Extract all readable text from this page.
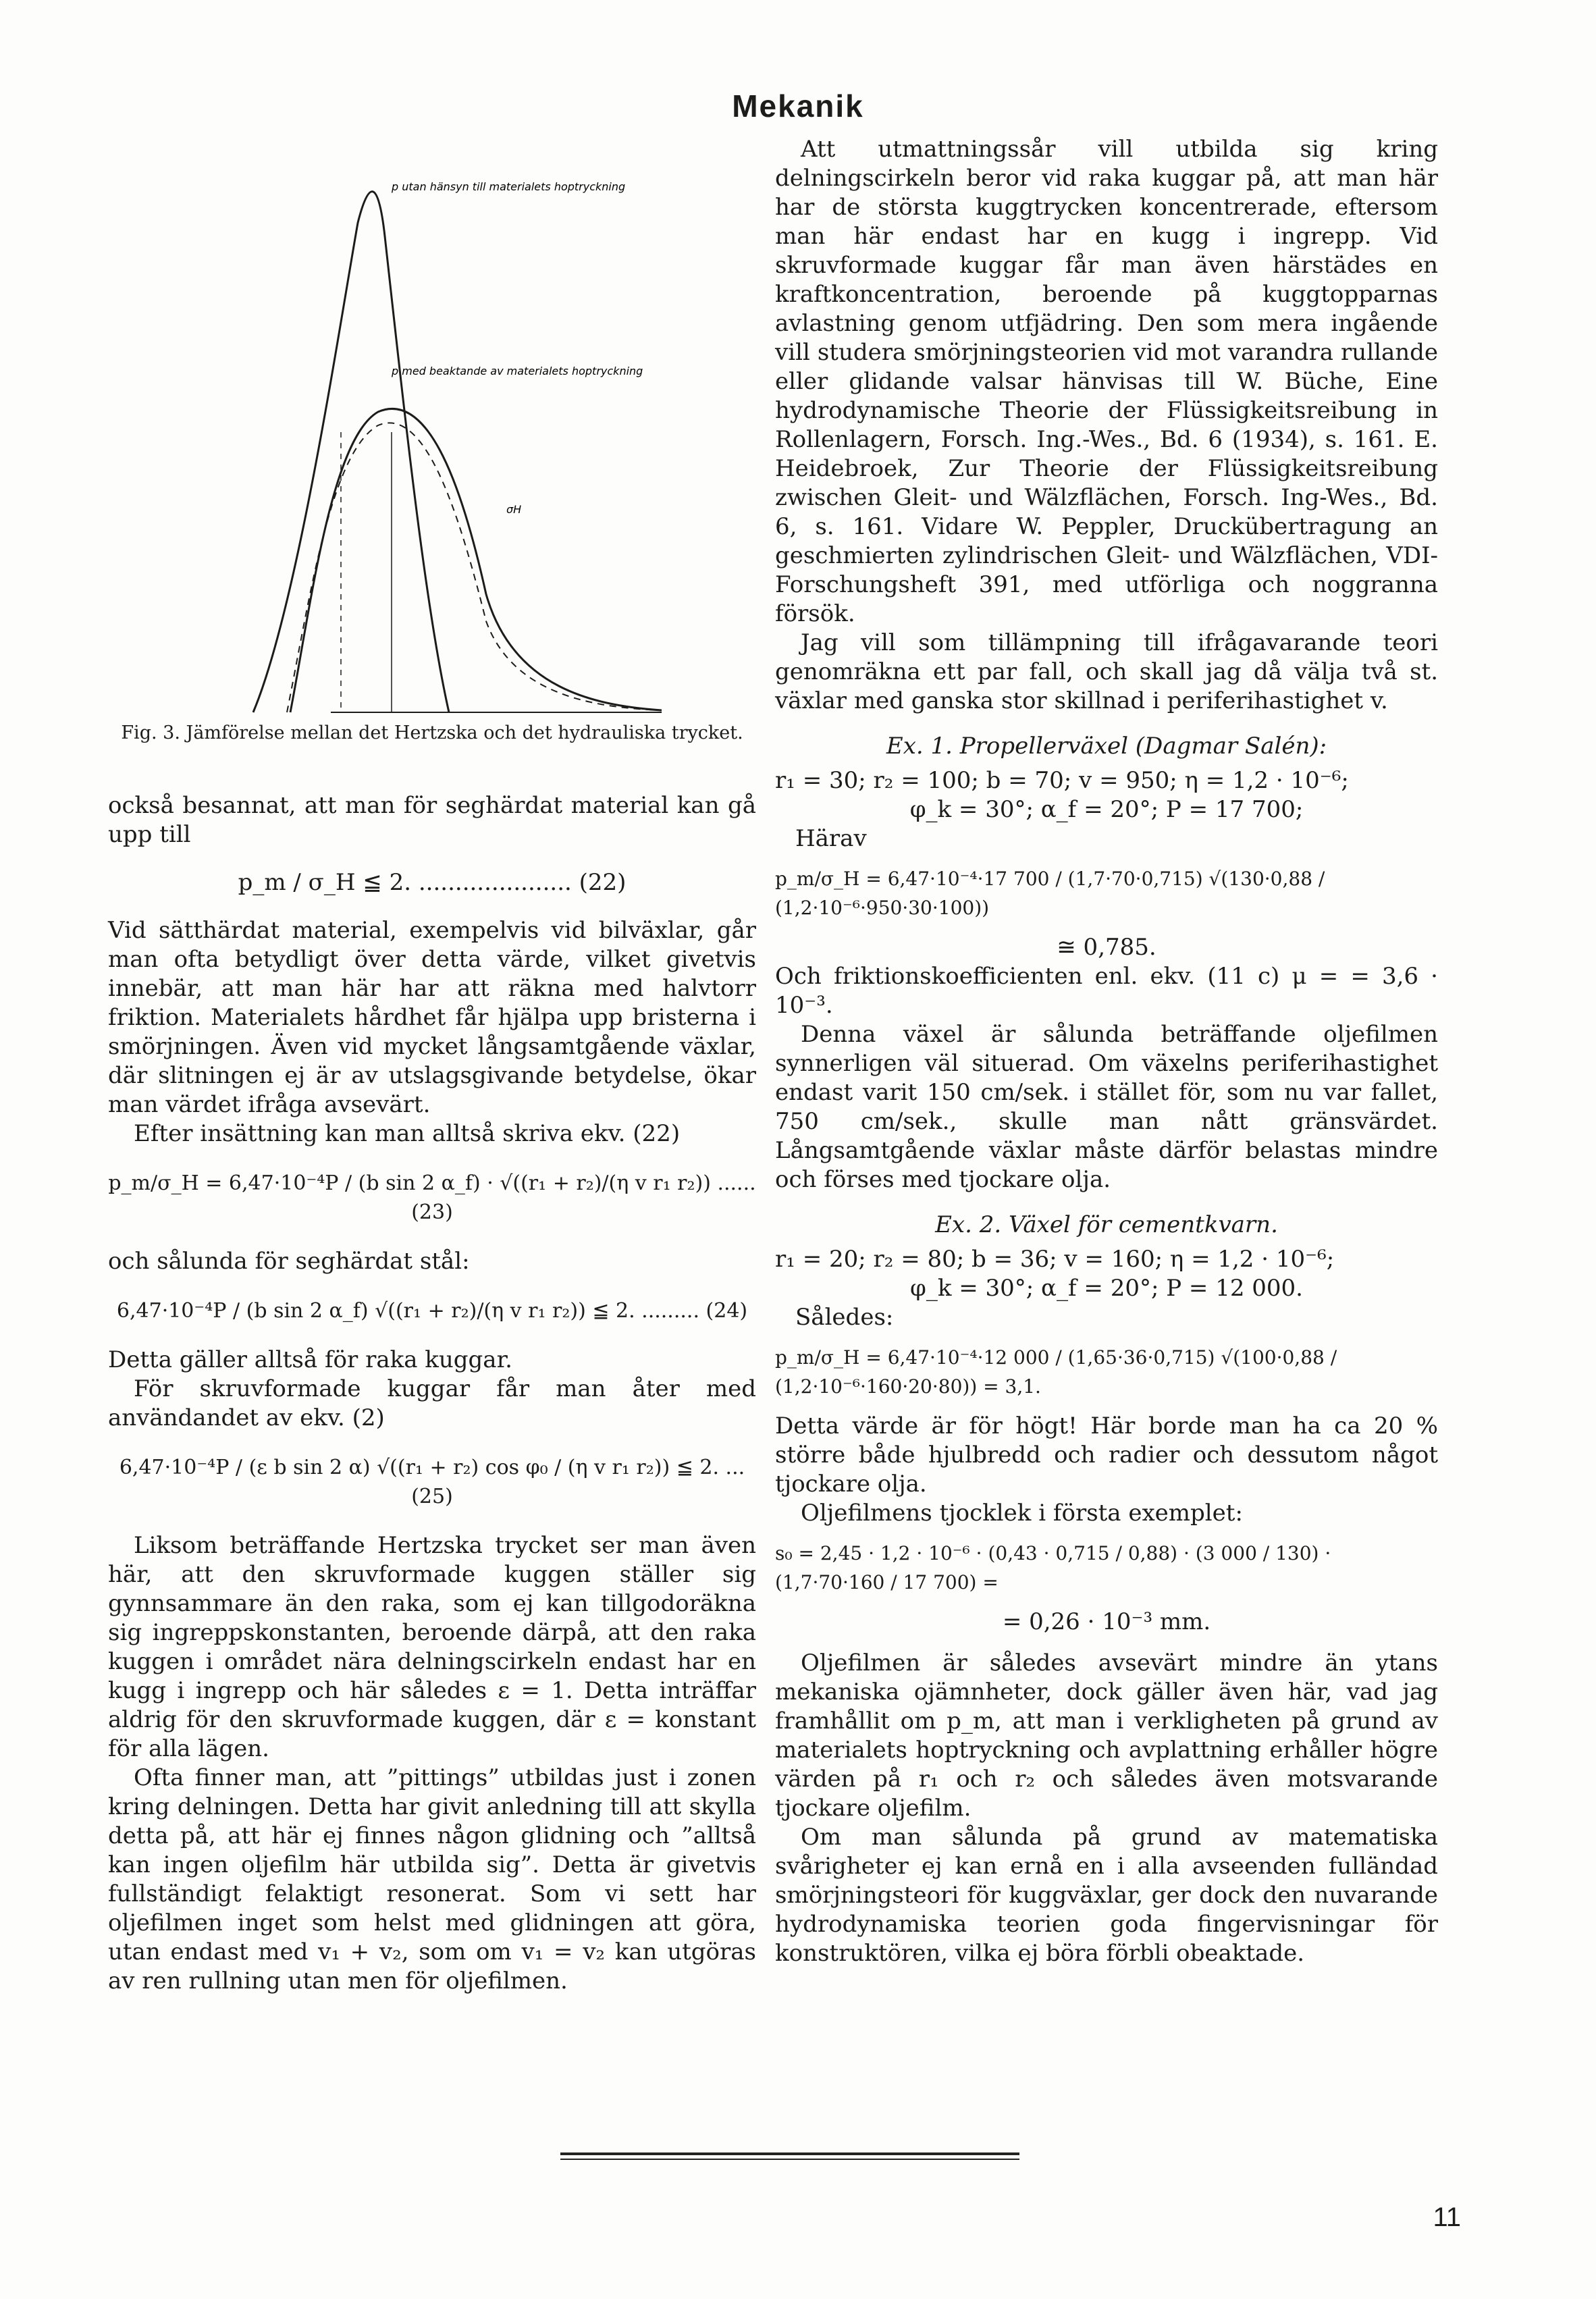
Mekanik
p utan hänsyn till materialets hoptryckning
p med beaktande av materialets hoptryckning
σH
Fig. 3. Jämförelse mellan det Hertzska och det hydrauliska trycket.

också besannat, att man för seghärdat material kan gå upp till

p_m / σ_H ≦ 2. ..................... (22)

Vid sätthärdat material, exempelvis vid bilväxlar, går man ofta betydligt över detta värde, vilket givetvis innebär, att man här har att räkna med halvtorr friktion. Materialets hårdhet får hjälpa upp bristerna i smörjningen. Även vid mycket långsamtgående växlar, där slitningen ej är av utslagsgivande betydelse, ökar man värdet ifråga avsevärt.

Efter insättning kan man alltså skriva ekv. (22)

p_m/σ_H = 6,47·10⁻⁴P / (b sin 2 α_f) · √((r₁ + r₂)/(η v r₁ r₂)) ...... (23)

och sålunda för seghärdat stål:

6,47·10⁻⁴P / (b sin 2 α_f) √((r₁ + r₂)/(η v r₁ r₂)) ≦ 2. ......... (24)

Detta gäller alltså för raka kuggar.

För skruvformade kuggar får man åter med användandet av ekv. (2)

6,47·10⁻⁴P / (ε b sin 2 α) √((r₁ + r₂) cos φ₀ / (η v r₁ r₂)) ≦ 2. ... (25)

Liksom beträffande Hertzska trycket ser man även här, att den skruvformade kuggen ställer sig gynnsammare än den raka, som ej kan tillgodoräkna sig ingreppskonstanten, beroende därpå, att den raka kuggen i området nära delningscirkeln endast har en kugg i ingrepp och här således ε = 1. Detta inträffar aldrig för den skruvformade kuggen, där ε = konstant för alla lägen.

Ofta finner man, att ”pittings” utbildas just i zonen kring delningen. Detta har givit anledning till att skylla detta på, att här ej finnes någon glidning och ”alltså kan ingen oljefilm här utbilda sig”. Detta är givetvis fullständigt felaktigt resonerat. Som vi sett har oljefilmen inget som helst med glidningen att göra, utan endast med v₁ + v₂, som om v₁ = v₂ kan utgöras av ren rullning utan men för oljefilmen.

Att utmattningssår vill utbilda sig kring delningscirkeln beror vid raka kuggar på, att man här har de största kuggtrycken koncentrerade, eftersom man här endast har en kugg i ingrepp. Vid skruvformade kuggar får man även härstädes en kraftkoncentration, beroende på kuggtopparnas avlastning genom utfjädring. Den som mera ingående vill studera smörjningsteorien vid mot varandra rullande eller glidande valsar hänvisas till W. Büche, Eine hydrodynamische Theorie der Flüssigkeitsreibung in Rollenlagern, Forsch. Ing.-Wes., Bd. 6 (1934), s. 161. E. Heidebroek, Zur Theorie der Flüssigkeitsreibung zwischen Gleit- und Wälzflächen, Forsch. Ing-Wes., Bd. 6, s. 161. Vidare W. Peppler, Druckübertragung an geschmierten zylindrischen Gleit- und Wälzflächen, VDI-Forschungsheft 391, med utförliga och noggranna försök.

Jag vill som tillämpning till ifrågavarande teori genomräkna ett par fall, och skall jag då välja två st. växlar med ganska stor skillnad i periferihastighet v.

Ex. 1. Propellerväxel (Dagmar Salén):
r₁ = 30; r₂ = 100; b = 70; v = 950; η = 1,2 · 10⁻⁶;
φ_k = 30°; α_f = 20°; P = 17 700;
Härav
p_m/σ_H = 6,47·10⁻⁴·17 700 / (1,7·70·0,715) √(130·0,88 / (1,2·10⁻⁶·950·30·100))
≅ 0,785.

Och friktionskoefficienten enl. ekv. (11 c) μ = = 3,6 · 10⁻³.

Denna växel är sålunda beträffande oljefilmen synnerligen väl situerad. Om växelns periferihastighet endast varit 150 cm/sek. i stället för, som nu var fallet, 750 cm/sek., skulle man nått gränsvärdet. Långsamtgående växlar måste därför belastas mindre och förses med tjockare olja.

Ex. 2. Växel för cementkvarn.
r₁ = 20; r₂ = 80; b = 36; v = 160; η = 1,2 · 10⁻⁶;
φ_k = 30°; α_f = 20°; P = 12 000.
Således:
p_m/σ_H = 6,47·10⁻⁴·12 000 / (1,65·36·0,715) √(100·0,88 / (1,2·10⁻⁶·160·20·80)) = 3,1.

Detta värde är för högt! Här borde man ha ca 20 % större både hjulbredd och radier och dessutom något tjockare olja.

Oljefilmens tjocklek i första exemplet:

s₀ = 2,45 · 1,2 · 10⁻⁶ · (0,43 · 0,715 / 0,88) · (3 000 / 130) · (1,7·70·160 / 17 700) =
= 0,26 · 10⁻³ mm.

Oljefilmen är således avsevärt mindre än ytans mekaniska ojämnheter, dock gäller även här, vad jag framhållit om p_m, att man i verkligheten på grund av materialets hoptryckning och avplattning erhåller högre värden på r₁ och r₂ och således även motsvarande tjockare oljefilm.

Om man sålunda på grund av matematiska svårigheter ej kan ernå en i alla avseenden fulländad smörjningsteori för kuggväxlar, ger dock den nuvarande hydrodynamiska teorien goda fingervisningar för konstruktören, vilka ej böra förbli obeaktade.

11
